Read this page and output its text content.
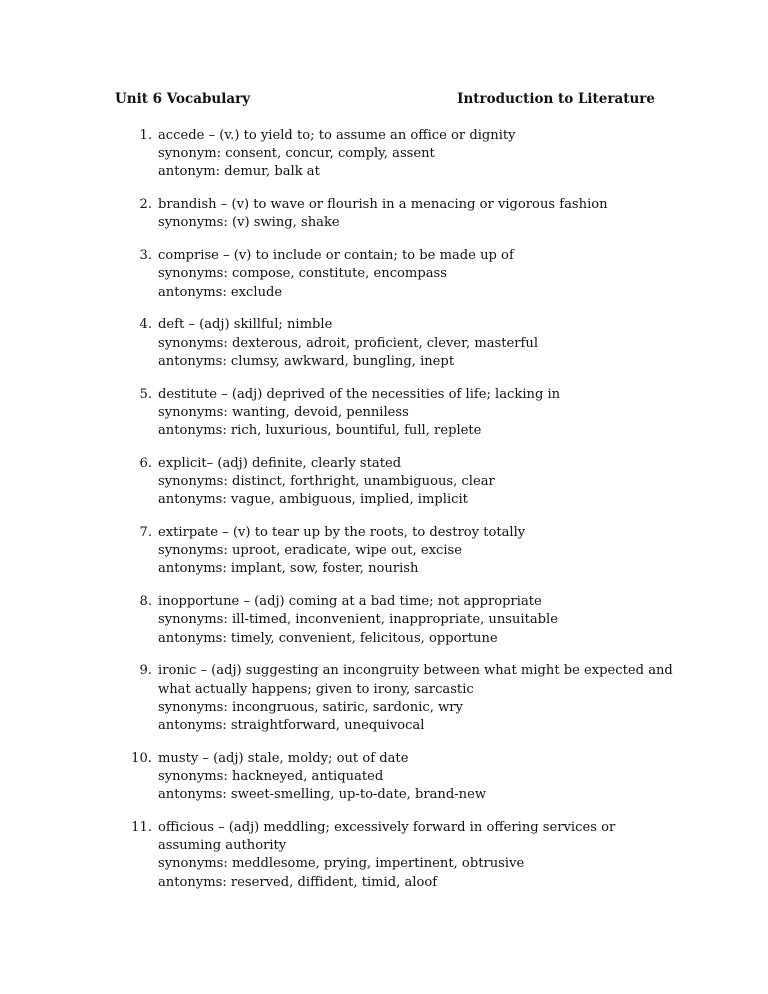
Unit 6 Vocabulary	Introduction to Literature
1. accede – (v.) to yield to; to assume an office or dignity
synonym: consent, concur, comply, assent
antonym: demur, balk at
2. brandish – (v) to wave or flourish in a menacing or vigorous fashion
synonyms: (v) swing, shake
3. comprise – (v) to include or contain; to be made up of
synonyms: compose, constitute, encompass
antonyms: exclude
4. deft – (adj) skillful; nimble
synonyms: dexterous, adroit, proficient, clever, masterful
antonyms: clumsy, awkward, bungling, inept
5. destitute – (adj) deprived of the necessities of life; lacking in
synonyms: wanting, devoid, penniless
antonyms: rich, luxurious, bountiful, full, replete
6. explicit– (adj) definite, clearly stated
synonyms: distinct, forthright, unambiguous, clear
antonyms: vague, ambiguous, implied, implicit
7. extirpate – (v) to tear up by the roots, to destroy totally
synonyms: uproot, eradicate, wipe out, excise
antonyms: implant, sow, foster, nourish
8. inopportune – (adj) coming at a bad time; not appropriate
synonyms: ill-timed, inconvenient, inappropriate, unsuitable
antonyms: timely, convenient, felicitous, opportune
9. ironic – (adj) suggesting an incongruity between what might be expected and
what actually happens; given to irony, sarcastic
synonyms: incongruous, satiric, sardonic, wry
antonyms: straightforward, unequivocal
10. musty – (adj) stale, moldy; out of date
synonyms: hackneyed, antiquated
antonyms: sweet-smelling, up-to-date, brand-new
11. officious – (adj) meddling; excessively forward in offering services or
assuming authority
synonyms: meddlesome, prying, impertinent, obtrusive
antonyms: reserved, diffident, timid, aloof
